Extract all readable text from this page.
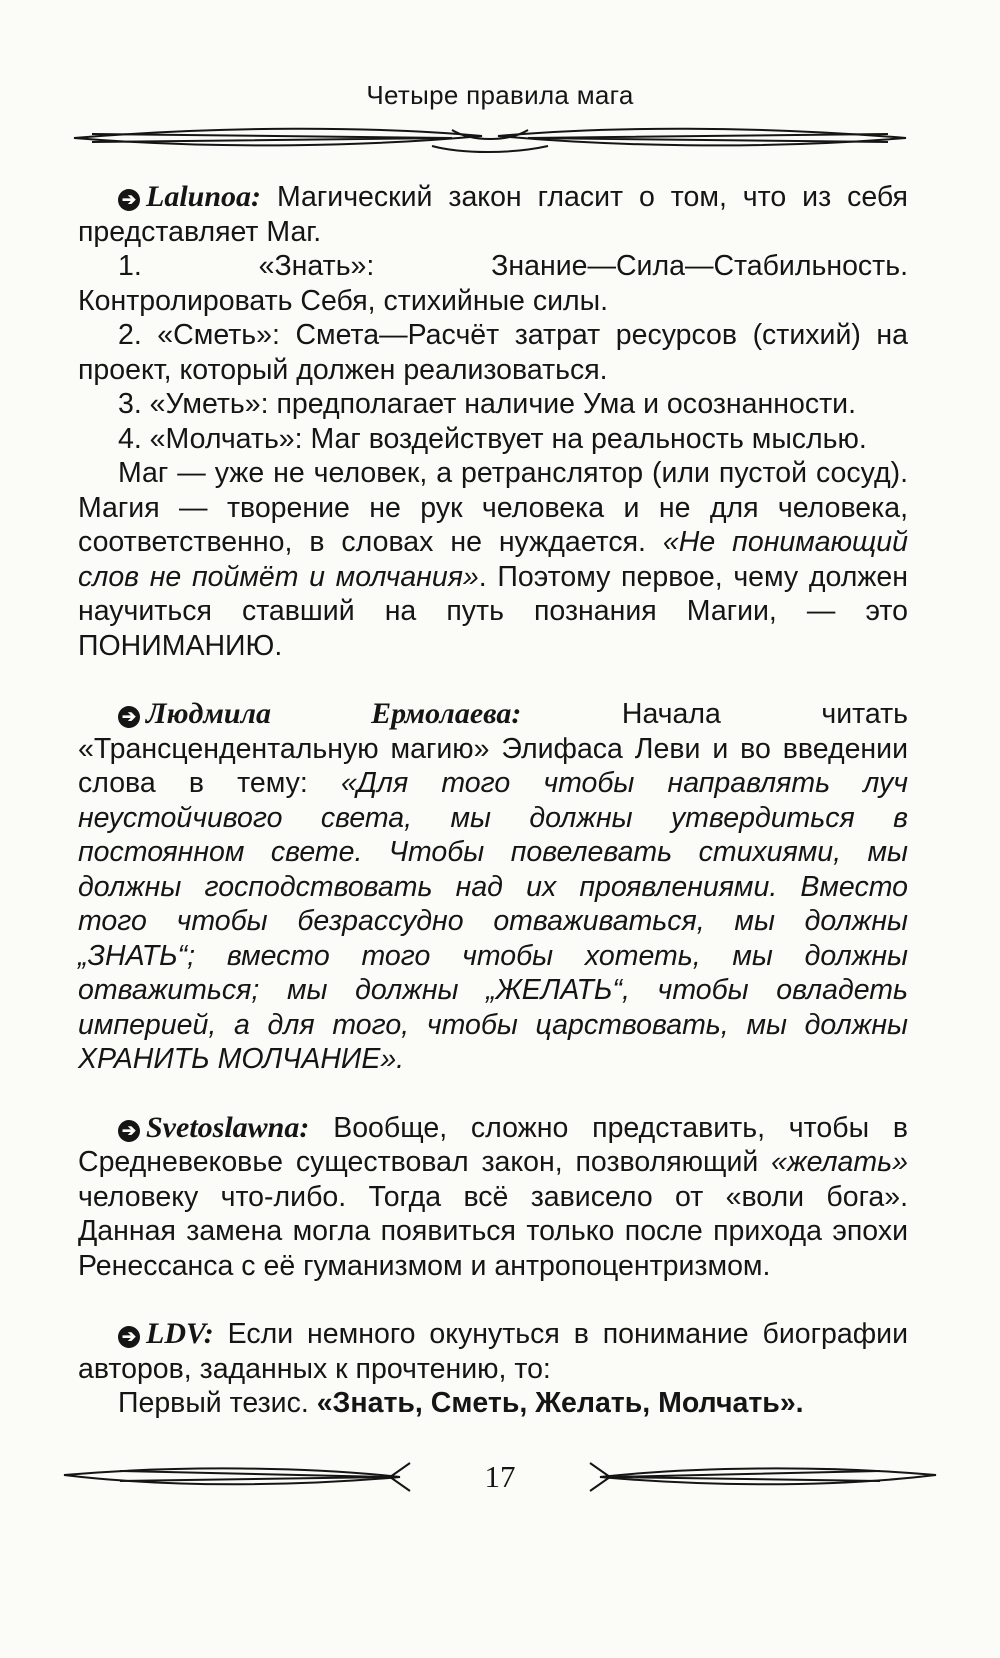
Четыре правила мага

➔ Lalunoa: Магический закон гласит о том, что из себя представляет Маг.

1. «Знать»: Знание—Сила—Стабильность. Контролировать Себя, стихийные силы.

2. «Сметь»: Смета—Расчёт затрат ресурсов (стихий) на проект, который должен реализоваться.

3. «Уметь»: предполагает наличие Ума и осознанности.

4. «Молчать»: Маг воздействует на реальность мыслью.

Маг — уже не человек, а ретранслятор (или пустой сосуд). Магия — творение не рук человека и не для человека, соответственно, в словах не нуждается. «Не понимающий слов не поймёт и молчания». Поэтому первое, чему должен научиться ставший на путь познания Магии, — это ПОНИМАНИЮ.

➔ Людмила Ермолаева:	Начала читать «Трансцендентальную магию» Элифаса Леви и во введении слова в тему: «Для того чтобы направлять луч неустойчивого света, мы должны утвердиться в постоянном свете. Чтобы повелевать стихиями, мы должны господствовать над их проявлениями. Вместо того чтобы безрассудно отваживаться, мы должны „ЗНАТЬ“; вместо того чтобы хотеть, мы должны отважиться; мы должны „ЖЕЛАТЬ“, чтобы овладеть империей, а для того, чтобы царствовать, мы должны ХРАНИТЬ МОЛЧАНИЕ».

➔ Svetoslawna: Вообще, сложно представить, чтобы в Средневековье существовал закон, позволяющий «желать» человеку что-либо. Тогда всё зависело от «воли бога». Данная замена могла появиться только после прихода эпохи Ренессанса с её гуманизмом и антропоцентризмом.

➔ LDV: Если немного окунуться в понимание биографии авторов, заданных к прочтению, то:

Первый тезис. «Знать, Сметь, Желать, Молчать».

17
